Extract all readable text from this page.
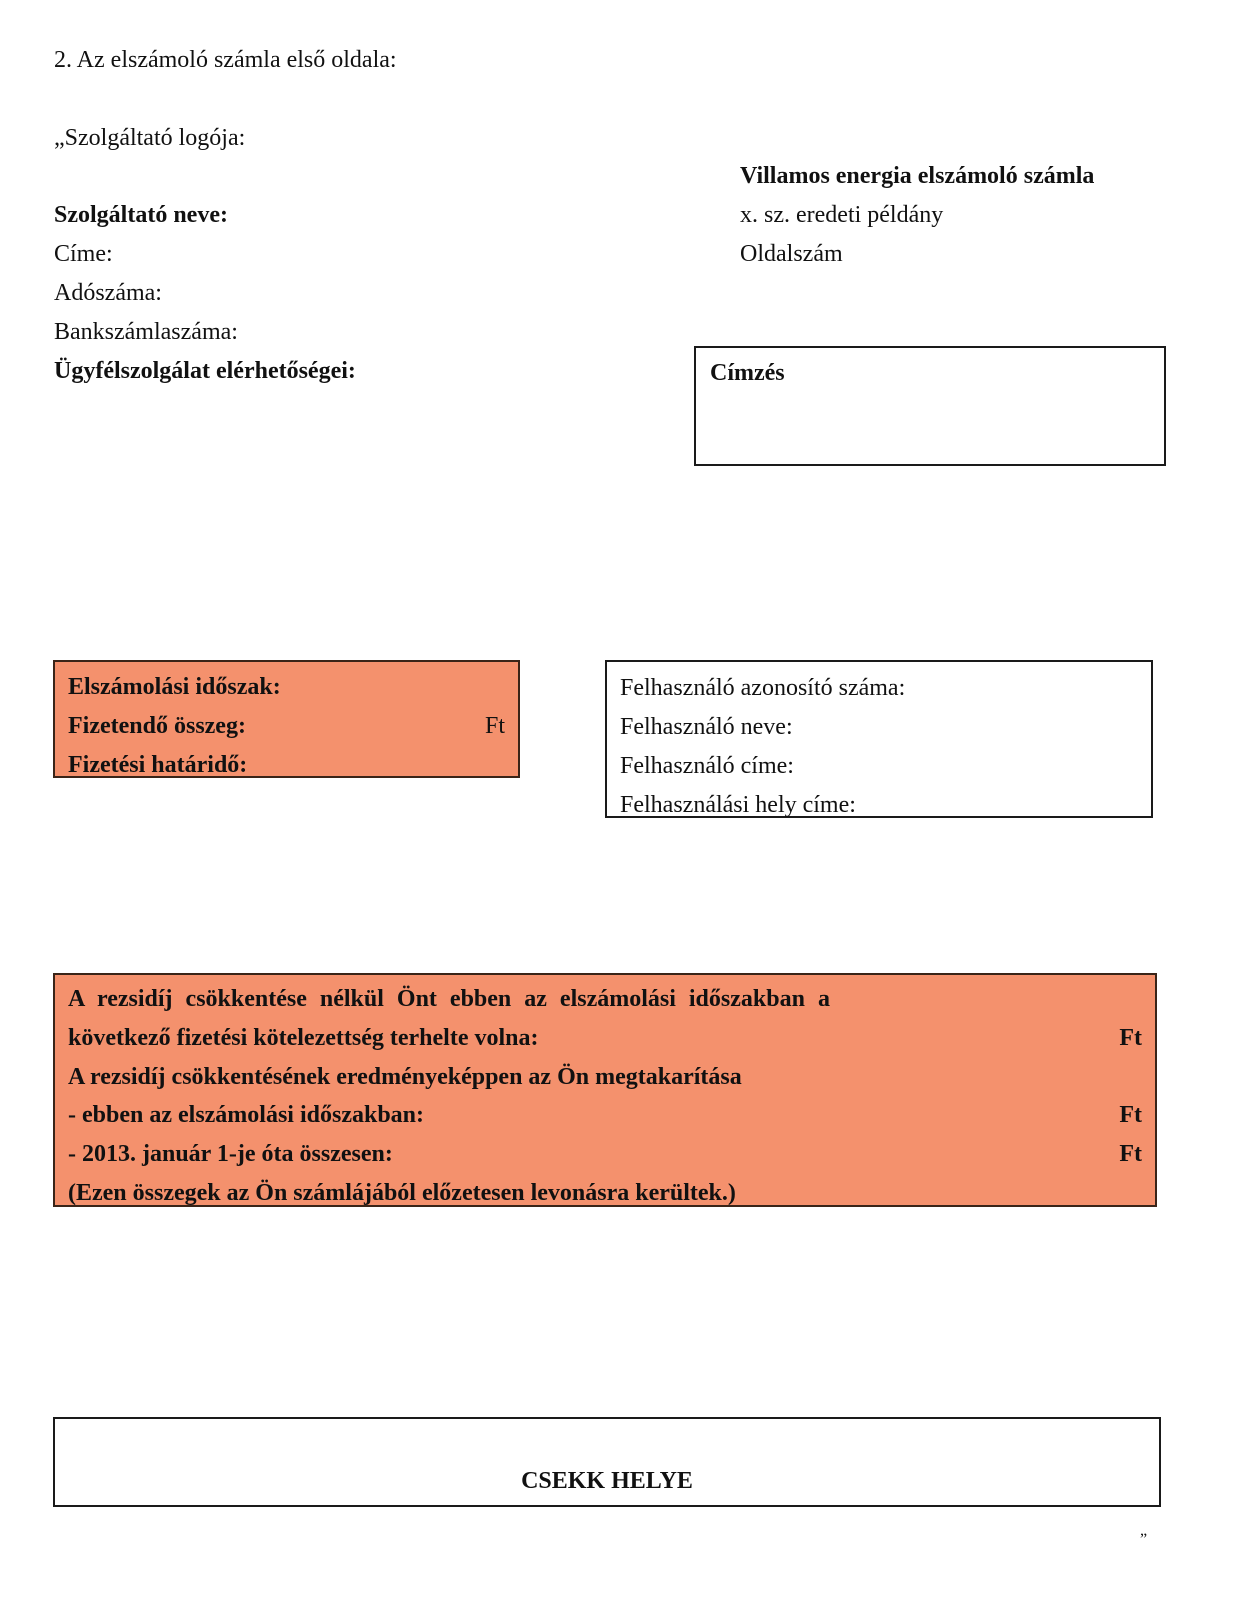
2. Az elszámoló számla első oldala:
„Szolgáltató logója:
Villamos energia elszámoló számla
x. sz. eredeti példány
Oldalszám
Szolgáltató neve:
Címe:
Adószáma:
Bankszámlaszáma:
Ügyfélszolgálat elérhetőségei:	Címzés
Elszámolási időszak:
Fizetendő összeg:	Ft
Fizetési határidő:
Felhasználó azonosító száma:
Felhasználó neve:
Felhasználó címe:
Felhasználási hely címe:
A rezsidíj csökkentése nélkül Önt ebben az elszámolási időszakban a
következő fizetési kötelezettség terhelte volna:	Ft
A rezsidíj csökkentésének eredményeképpen az Ön megtakarítása
- ebben az elszámolási időszakban:	Ft
- 2013. január 1-je óta összesen:	Ft
(Ezen összegek az Ön számlájából előzetesen levonásra kerültek.)
CSEKK HELYE
”
